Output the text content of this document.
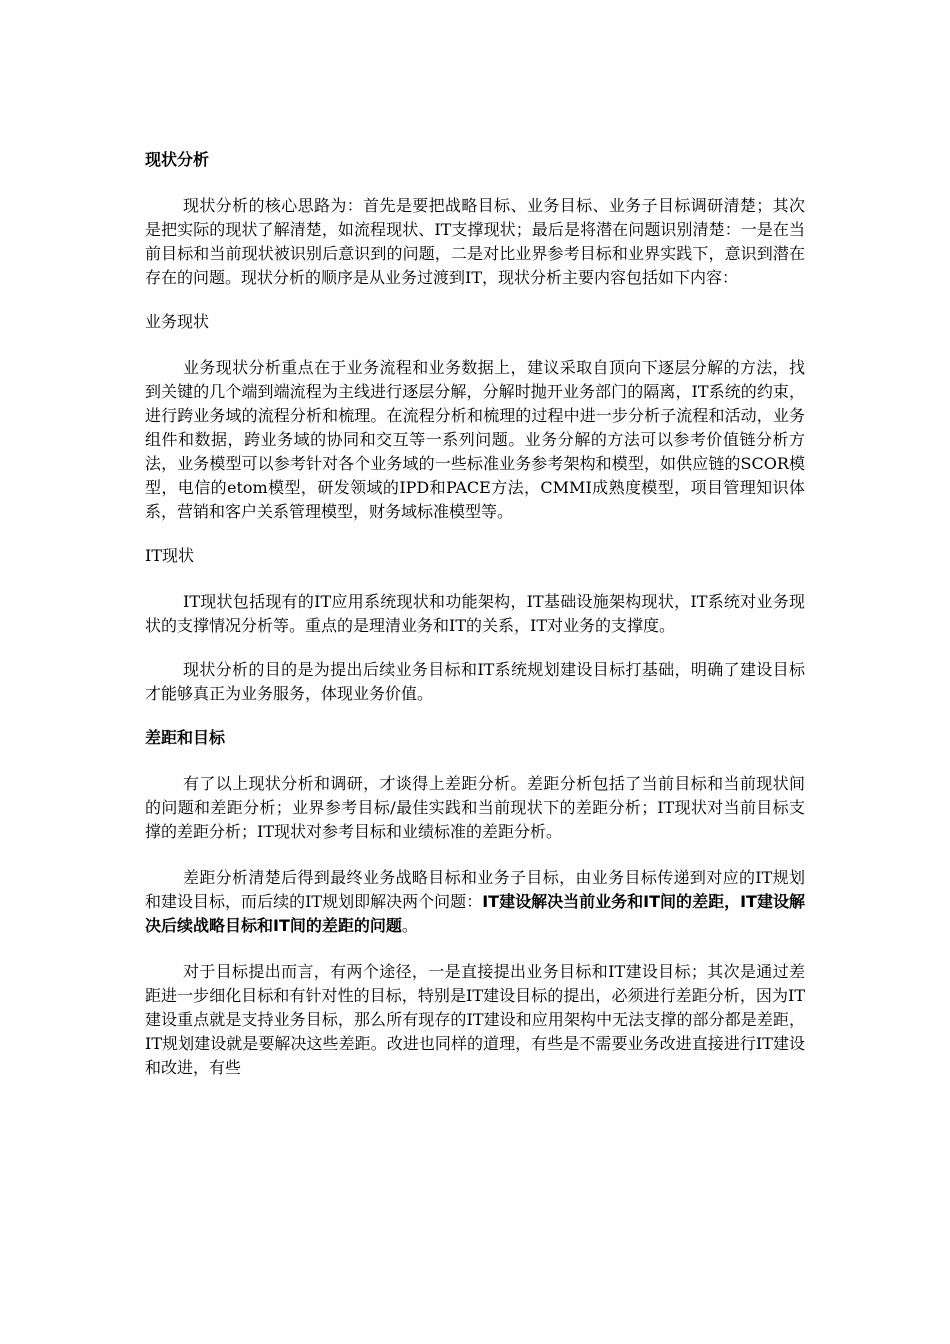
现状分析

现状分析的核心思路为：首先是要把战略目标、业务目标、业务子目标调研清楚；其次是把实际的现状了解清楚，如流程现状、IT支撑现状；最后是将潜在问题识别清楚：一是在当前目标和当前现状被识别后意识到的问题，二是对比业界参考目标和业界实践下，意识到潜在存在的问题。现状分析的顺序是从业务过渡到IT，现状分析主要内容包括如下内容：

业务现状

业务现状分析重点在于业务流程和业务数据上，建议采取自顶向下逐层分解的方法，找到关键的几个端到端流程为主线进行逐层分解，分解时抛开业务部门的隔离，IT系统的约束，进行跨业务域的流程分析和梳理。在流程分析和梳理的过程中进一步分析子流程和活动，业务组件和数据，跨业务域的协同和交互等一系列问题。业务分解的方法可以参考价值链分析方法，业务模型可以参考针对各个业务域的一些标准业务参考架构和模型，如供应链的SCOR模型，电信的etom模型，研发领域的IPD和PACE方法，CMMI成熟度模型，项目管理知识体系，营销和客户关系管理模型，财务域标准模型等。

IT现状

IT现状包括现有的IT应用系统现状和功能架构，IT基础设施架构现状，IT系统对业务现状的支撑情况分析等。重点的是理清业务和IT的关系，IT对业务的支撑度。

现状分析的目的是为提出后续业务目标和IT系统规划建设目标打基础，明确了建设目标才能够真正为业务服务，体现业务价值。

差距和目标

有了以上现状分析和调研，才谈得上差距分析。差距分析包括了当前目标和当前现状间的问题和差距分析；业界参考目标/最佳实践和当前现状下的差距分析；IT现状对当前目标支撑的差距分析；IT现状对参考目标和业绩标准的差距分析。

差距分析清楚后得到最终业务战略目标和业务子目标，由业务目标传递到对应的IT规划和建设目标，而后续的IT规划即解决两个问题：IT建设解决当前业务和IT间的差距，IT建设解决后续战略目标和IT间的差距的问题。

对于目标提出而言，有两个途径，一是直接提出业务目标和IT建设目标；其次是通过差距进一步细化目标和有针对性的目标，特别是IT建设目标的提出，必须进行差距分析，因为IT建设重点就是支持业务目标，那么所有现存的IT建设和应用架构中无法支撑的部分都是差距，IT规划建设就是要解决这些差距。改进也同样的道理，有些是不需要业务改进直接进行IT建设和改进，有些
